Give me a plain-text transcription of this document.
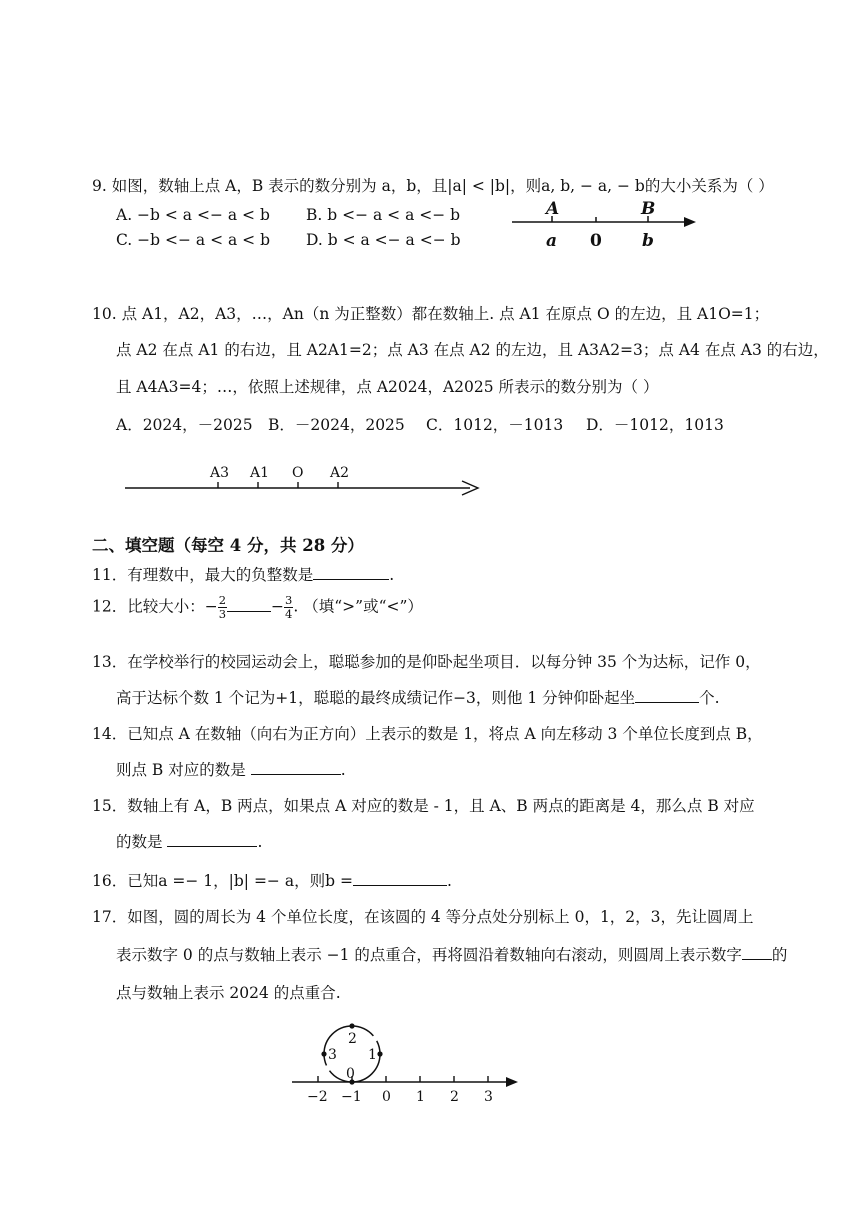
9. 如图，数轴上点 A，B 表示的数分别为 a，b，且|a| < |b|，则a, b, − a, − b的大小关系为（ ）
A. −b < a <− a < b B. b <− a < a <− b
C. −b <− a < a < b D. b < a <− a <− b
A	B
a 0 b
A3 A1 O A2
0
1
2
3
−2 −1 0 1 2 3
10. 点 A1，A2，A3，…，An（n 为正整数）都在数轴上. 点 A1 在原点 O 的左边，且 A1O=1；
点 A2 在点 A1 的右边，且 A2A1=2；点 A3 在点 A2 的左边，且 A3A2=3；点 A4 在点 A3 的右边，
且 A4A3=4；…，依照上述规律，点 A2024，A2025 所表示的数分别为（ ）
A．2024，－2025 B．－2024，2025 C．1012，－1013 D．－1012，1013
二、填空题（每空 4 分，共 28 分）
11．有理数中，最大的负整数是	.
12．比较大小：− $\frac{2}{3}$	− $\frac{3}{4}$ . （填“>”或“<”）
13．在学校举行的校园运动会上，聪聪参加的是仰卧起坐项目．以每分钟 35 个为达标，记作 0，
高于达标个数 1 个记为+1，聪聪的最终成绩记作−3，则他 1 分钟仰卧起坐	个.
14．已知点 A 在数轴（向右为正方向）上表示的数是 1，将点 A 向左移动 3 个单位长度到点 B，
则点 B 对应的数是	.
15．数轴上有 A，B 两点，如果点 A 对应的数是 - 1，且 A、B 两点的距离是 4，那么点 B 对应
的数是	.
16．已知a =− 1，|b| =− a，则b =	.
17．如图，圆的周长为 4 个单位长度，在该圆的 4 等分点处分别标上 0，1，2，3，先让圆周上
表示数字 0 的点与数轴上表示 −1 的点重合，再将圆沿着数轴向右滚动，则圆周上表示数字 的
点与数轴上表示 2024 的点重合.
